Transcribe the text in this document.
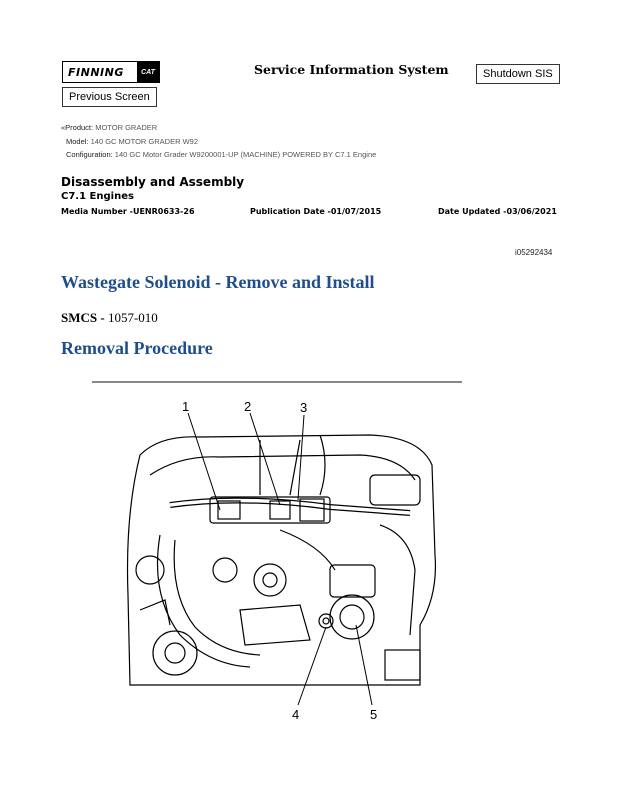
FINNING	CAT	Service Information System	Shutdown SIS
Previous Screen
«Product: MOTOR GRADER
Model: 140 GC MOTOR GRADER W92
Configuration: 140 GC Motor Grader W9200001-UP (MACHINE) POWERED BY C7.1 Engine
Disassembly and Assembly
C7.1 Engines
Media Number -UENR0633-26	Publication Date -01/07/2015	Date Updated -03/06/2021
i05292434
Wastegate Solenoid - Remove and Install
SMCS - 1057-010
Removal Procedure
1	2	3
4	5
